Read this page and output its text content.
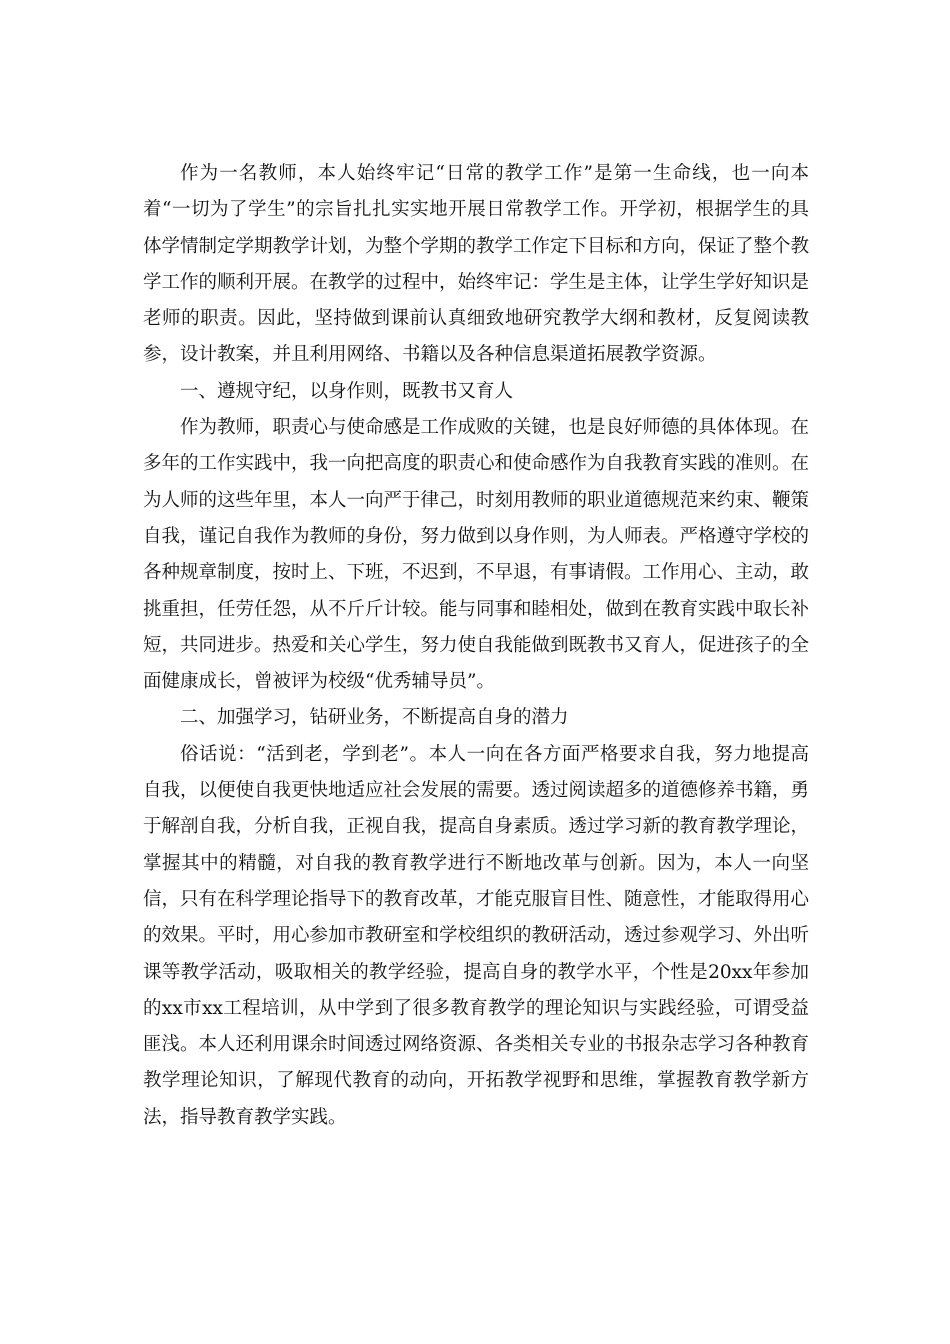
作为一名教师，本人始终牢记“日常的教学工作”是第一生命线，也一向本着“一切为了学生”的宗旨扎扎实实地开展日常教学工作。开学初，根据学生的具体学情制定学期教学计划，为整个学期的教学工作定下目标和方向，保证了整个教学工作的顺利开展。在教学的过程中，始终牢记：学生是主体，让学生学好知识是老师的职责。因此，坚持做到课前认真细致地研究教学大纲和教材，反复阅读教参，设计教案，并且利用网络、书籍以及各种信息渠道拓展教学资源。

一、遵规守纪，以身作则，既教书又育人

作为教师，职责心与使命感是工作成败的关键，也是良好师德的具体体现。在多年的工作实践中，我一向把高度的职责心和使命感作为自我教育实践的准则。在为人师的这些年里，本人一向严于律己，时刻用教师的职业道德规范来约束、鞭策自我，谨记自我作为教师的身份，努力做到以身作则，为人师表。严格遵守学校的各种规章制度，按时上、下班，不迟到，不早退，有事请假。工作用心、主动，敢挑重担，任劳任怨，从不斤斤计较。能与同事和睦相处，做到在教育实践中取长补短，共同进步。热爱和关心学生，努力使自我能做到既教书又育人，促进孩子的全面健康成长，曾被评为校级“优秀辅导员”。

二、加强学习，钻研业务，不断提高自身的潜力

俗话说：“活到老，学到老”。本人一向在各方面严格要求自我，努力地提高自我，以便使自我更快地适应社会发展的需要。透过阅读超多的道德修养书籍，勇于解剖自我，分析自我，正视自我，提高自身素质。透过学习新的教育教学理论，掌握其中的精髓，对自我的教育教学进行不断地改革与创新。因为，本人一向坚信，只有在科学理论指导下的教育改革，才能克服盲目性、随意性，才能取得用心的效果。平时，用心参加市教研室和学校组织的教研活动，透过参观学习、外出听课等教学活动，吸取相关的教学经验，提高自身的教学水平，个性是20xx年参加的xx市xx工程培训，从中学到了很多教育教学的理论知识与实践经验，可谓受益匪浅。本人还利用课余时间透过网络资源、各类相关专业的书报杂志学习各种教育教学理论知识，了解现代教育的动向，开拓教学视野和思维，掌握教育教学新方法，指导教育教学实践。
